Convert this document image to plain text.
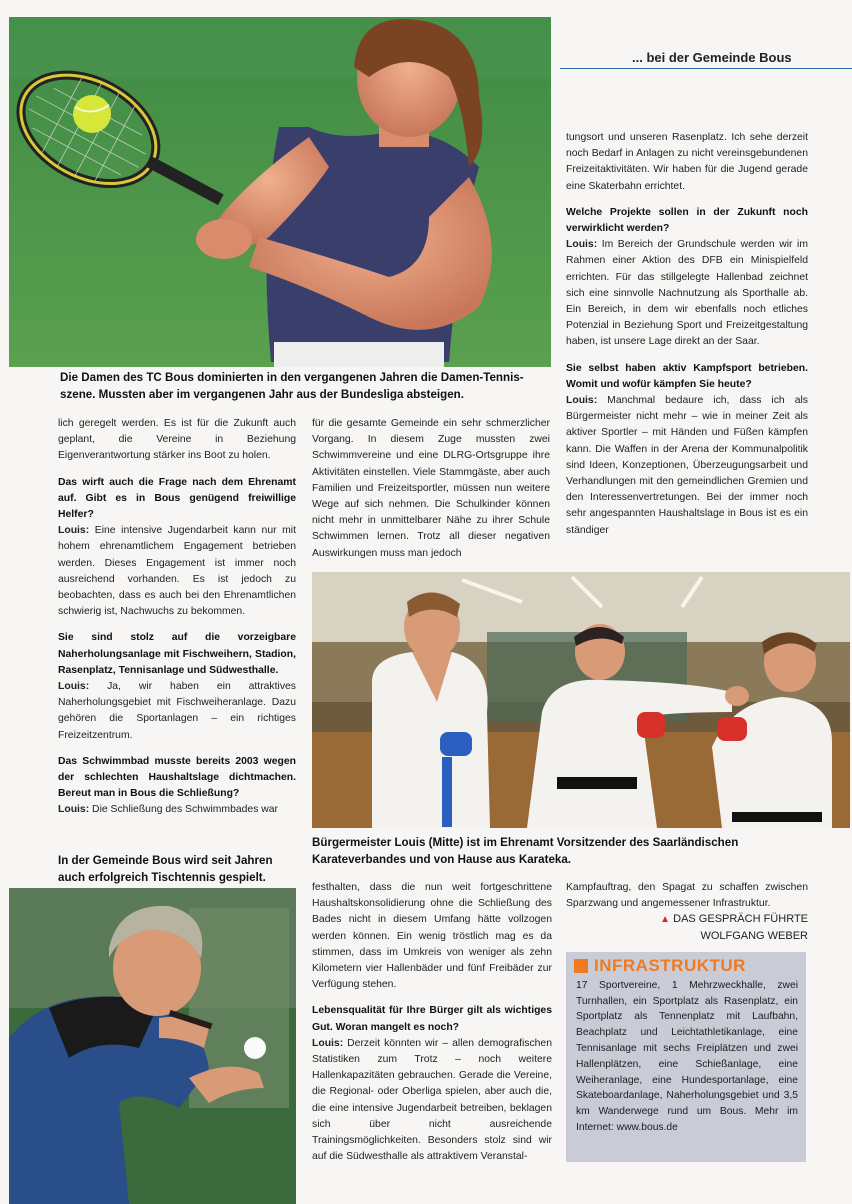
... bei der Gemeinde Bous
Die Damen des TC Bous dominierten in den vergangenen Jahren die Damen-Tennis-szene. Mussten aber im vergangenen Jahr aus der Bundesliga absteigen.

lich geregelt werden. Es ist für die Zukunft auch geplant, die Vereine in Beziehung Eigenverantwortung stärker ins Boot zu holen.

Das wirft auch die Frage nach dem Ehrenamt auf. Gibt es in Bous genügend freiwillige Helfer?
Louis: Eine intensive Jugendarbeit kann nur mit hohem ehrenamtlichem Engagement betrieben werden. Dieses Engagement ist immer noch ausreichend vorhanden. Es ist jedoch zu beobachten, dass es auch bei den Ehrenamtlichen schwierig ist, Nachwuchs zu bekommen.

Sie sind stolz auf die vorzeigbare Naherholungsanlage mit Fischweihern, Stadion, Rasenplatz, Tennisanlage und Südwesthalle.
Louis: Ja, wir haben ein attraktives Naherholungsgebiet mit Fischweiheranlage. Dazu gehören die Sportanlagen – ein richtiges Freizeitzentrum.

Das Schwimmbad musste bereits 2003 wegen der schlechten Haushaltslage dichtmachen. Bereut man in Bous die Schließung?
Louis: Die Schließung des Schwimmbades war

für die gesamte Gemeinde ein sehr schmerzlicher Vorgang. In diesem Zuge mussten zwei Schwimmvereine und eine DLRG-Ortsgruppe ihre Aktivitäten einstellen. Viele Stammgäste, aber auch Familien und Freizeitsportler, müssen nun weitere Wege auf sich nehmen. Die Schulkinder können nicht mehr in unmittelbarer Nähe zu ihrer Schule Schwimmen lernen. Trotz all dieser negativen Auswirkungen muss man jedoch

tungsort und unseren Rasenplatz. Ich sehe derzeit noch Bedarf in Anlagen zu nicht vereinsgebundenen Freizeitaktivitäten. Wir haben für die Jugend gerade eine Skaterbahn errichtet.

Welche Projekte sollen in der Zukunft noch verwirklicht werden?
Louis: Im Bereich der Grundschule werden wir im Rahmen einer Aktion des DFB ein Minispielfeld errichten. Für das stillgelegte Hallenbad zeichnet sich eine sinnvolle Nachnutzung als Sporthalle ab. Ein Bereich, in dem wir ebenfalls noch etliches Potenzial in Beziehung Sport und Freizeitgestaltung haben, ist unsere Lage direkt an der Saar.

Sie selbst haben aktiv Kampfsport betrieben. Womit und wofür kämpfen Sie heute?
Louis: Manchmal bedaure ich, dass ich als Bürgermeister nicht mehr – wie in meiner Zeit als aktiver Sportler – mit Händen und Füßen kämpfen kann. Die Waffen in der Arena der Kommunalpolitik sind Ideen, Konzeptionen, Überzeugungsarbeit und Verhandlungen mit den gemeindlichen Gremien und den Interessenvertretungen. Bei der immer noch sehr angespannten Haushaltslage in Bous ist es ein ständiger

Bürgermeister Louis (Mitte) ist im Ehrenamt Vorsitzender des Saarländischen Karateverbandes und von Hause aus Karateka.
In der Gemeinde Bous wird seit Jahren auch erfolgreich Tischtennis gespielt.

festhalten, dass die nun weit fortgeschrittene Haushaltskonsolidierung ohne die Schließung des Bades nicht in diesem Umfang hätte vollzogen werden können. Ein wenig tröstlich mag es da stimmen, dass im Umkreis von weniger als zehn Kilometern vier Hallenbäder und fünf Freibäder zur Verfügung stehen.

Lebensqualität für Ihre Bürger gilt als wichtiges Gut. Woran mangelt es noch?
Louis: Derzeit könnten wir – allen demografischen Statistiken zum Trotz – noch weitere Hallenkapazitäten gebrauchen. Gerade die Vereine, die Regional- oder Oberliga spielen, aber auch die, die eine intensive Jugendarbeit betreiben, beklagen sich über nicht ausreichende Trainingsmöglichkeiten. Besonders stolz sind wir auf die Südwesthalle als attraktivem Veranstal-

Kampfauftrag, den Spagat zu schaffen zwischen Sparzwang und angemessener Infrastruktur.

▲ DAS GESPRÄCH FÜHRTE
WOLFGANG WEBER
INFRASTRUKTUR
17 Sportvereine, 1 Mehrzweckhalle, zwei Turnhallen, ein Sportplatz als Rasenplatz, ein Sportplatz als Tennenplatz mit Laufbahn, Beachplatz und Leichtathletikanlage, eine Tennisanlage mit sechs Freiplätzen und zwei Hallenplätzen, eine Schießanlage, eine Weiheranlage, eine Hundesportanlage, eine Skateboardanlage, Naherholungsgebiet und 3,5 km Wanderwege rund um Bous. Mehr im Internet: www.bous.de
